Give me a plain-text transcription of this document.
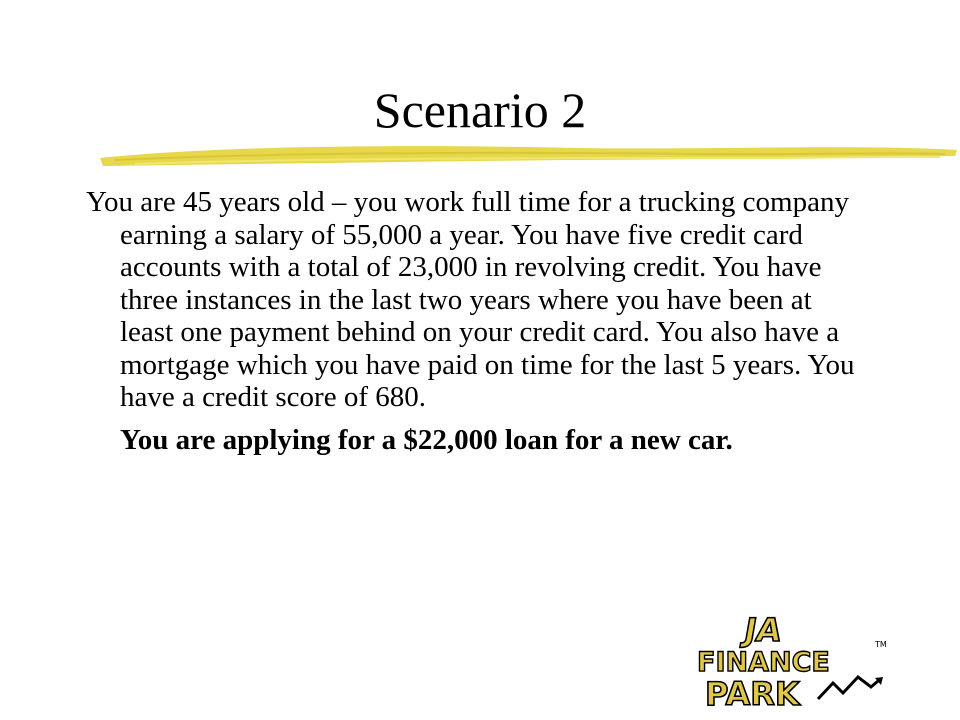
Scenario 2

You are 45 years old – you work full time for a trucking company earning a salary of 55,000 a year. You have five credit card accounts with a total of 23,000 in revolving credit. You have three instances in the last two years where you have been at least one payment behind on your credit card. You also have a mortgage which you have paid on time for the last 5 years. You have a credit score of 680.

You are applying for a $22,000 loan for a new car.

JA
FINANCE
TM
PARK
